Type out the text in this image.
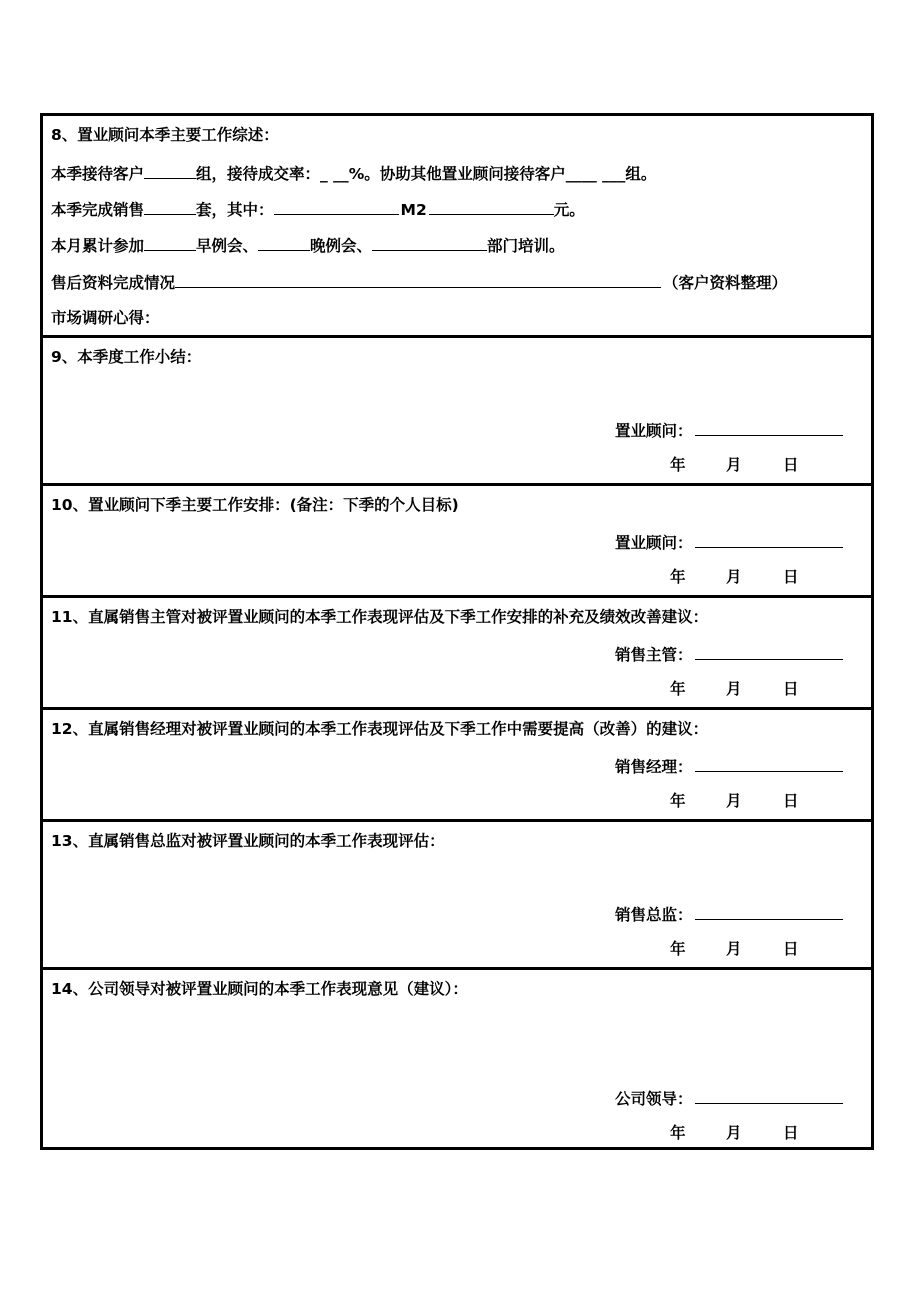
8、置业顾问本季主要工作综述：
本季接待客户	组，接待成交率：_ __%。协助其他置业顾问接待客户____ ___组。
本季完成销售	套，其中：	M2	元。
本月累计参加	早例会、	晚例会、	部门培训。
售后资料完成情况	（客户资料整理）
市场调研心得：
9、本季度工作小结：
置业顾问：
年	月	日
10、置业顾问下季主要工作安排：(备注：下季的个人目标)
置业顾问：
年	月	日
11、直属销售主管对被评置业顾问的本季工作表现评估及下季工作安排的补充及绩效改善建议：
销售主管：
年	月	日
12、直属销售经理对被评置业顾问的本季工作表现评估及下季工作中需要提高（改善）的建议：
销售经理：
年	月	日
13、直属销售总监对被评置业顾问的本季工作表现评估：
销售总监：
年	月	日
14、公司领导对被评置业顾问的本季工作表现意见（建议）：
公司领导：
年	月	日
